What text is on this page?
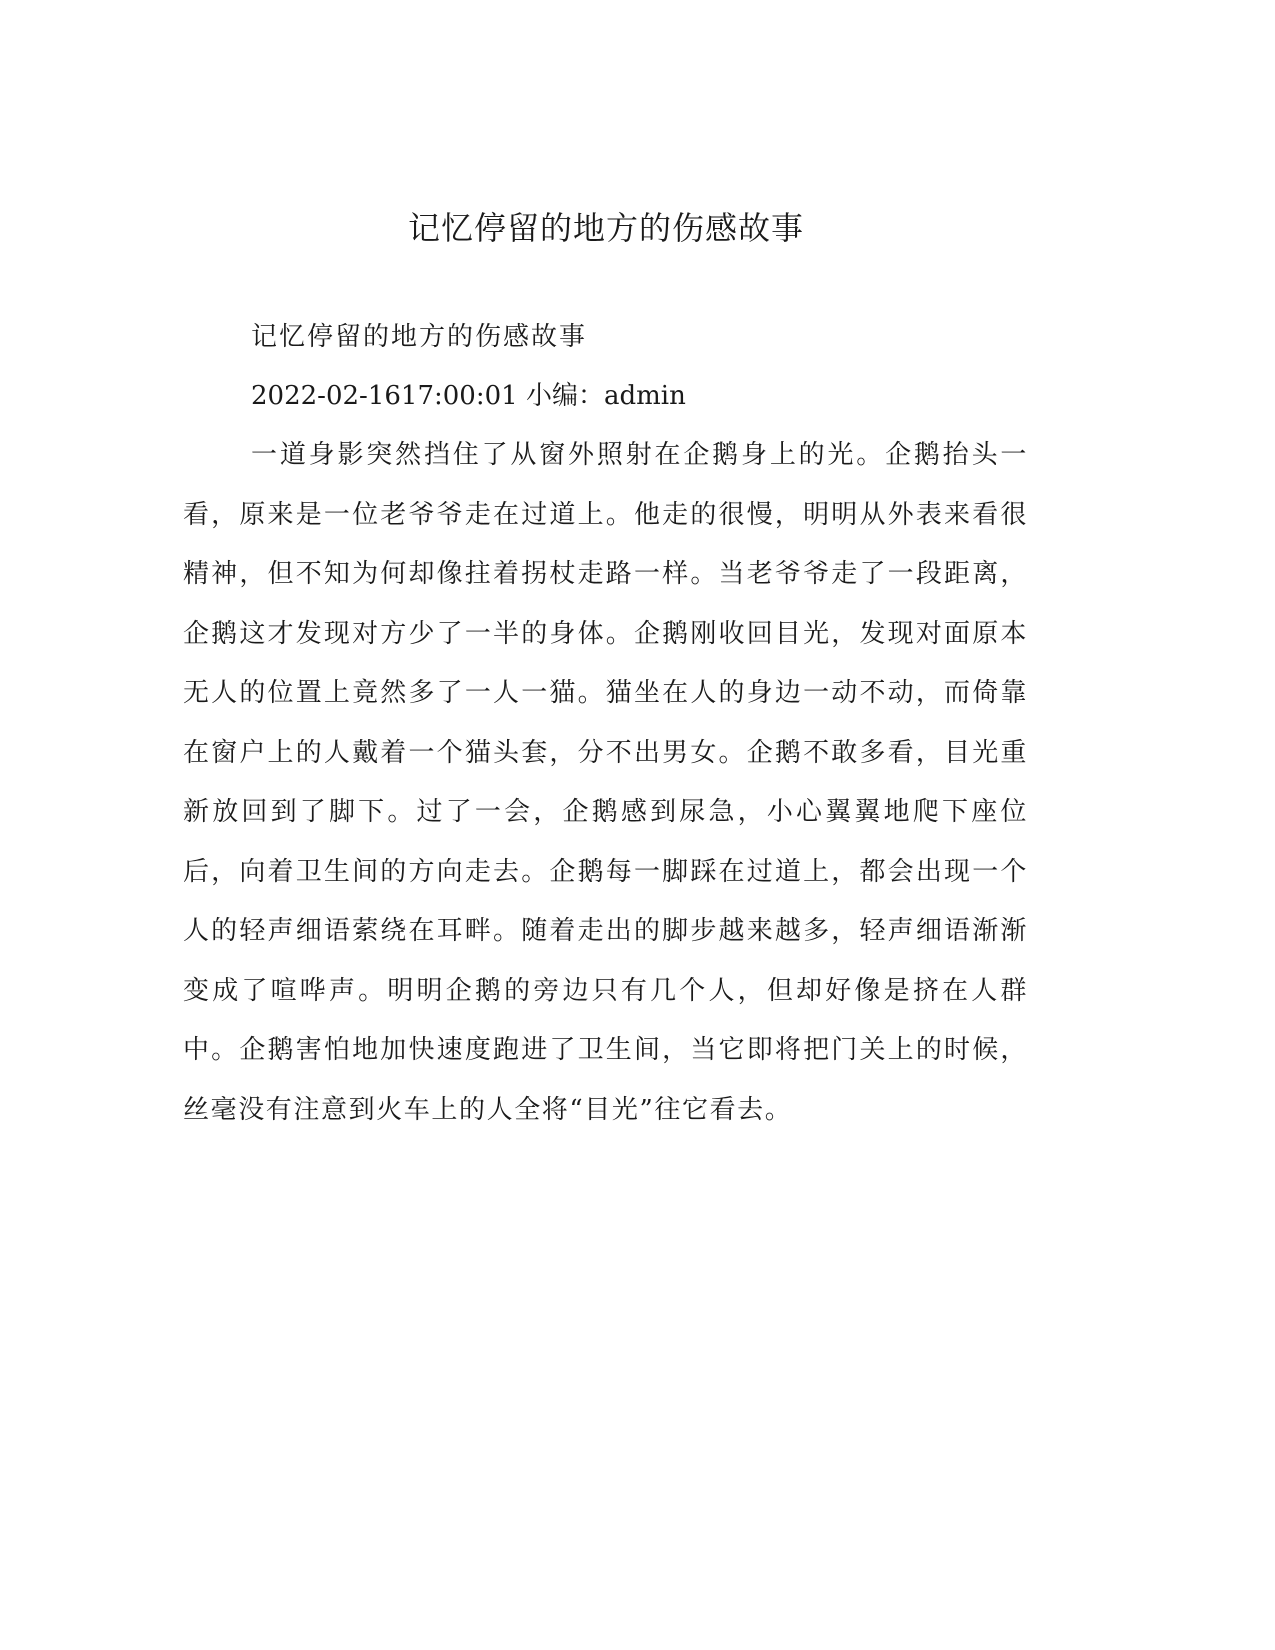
记忆停留的地方的伤感故事

记忆停留的地方的伤感故事

2022-02-1617:00:01 小编：admin

一道身影突然挡住了从窗外照射在企鹅身上的光。企鹅抬头一看，原来是一位老爷爷走在过道上。他走的很慢，明明从外表来看很精神，但不知为何却像拄着拐杖走路一样。当老爷爷走了一段距离，企鹅这才发现对方少了一半的身体。企鹅刚收回目光，发现对面原本无人的位置上竟然多了一人一猫。猫坐在人的身边一动不动，而倚靠在窗户上的人戴着一个猫头套，分不出男女。企鹅不敢多看，目光重新放回到了脚下。过了一会，企鹅感到尿急，小心翼翼地爬下座位后，向着卫生间的方向走去。企鹅每一脚踩在过道上，都会出现一个人的轻声细语萦绕在耳畔。随着走出的脚步越来越多，轻声细语渐渐变成了喧哗声。明明企鹅的旁边只有几个人，但却好像是挤在人群中。企鹅害怕地加快速度跑进了卫生间，当它即将把门关上的时候，丝毫没有注意到火车上的人全将“目光”往它看去。
